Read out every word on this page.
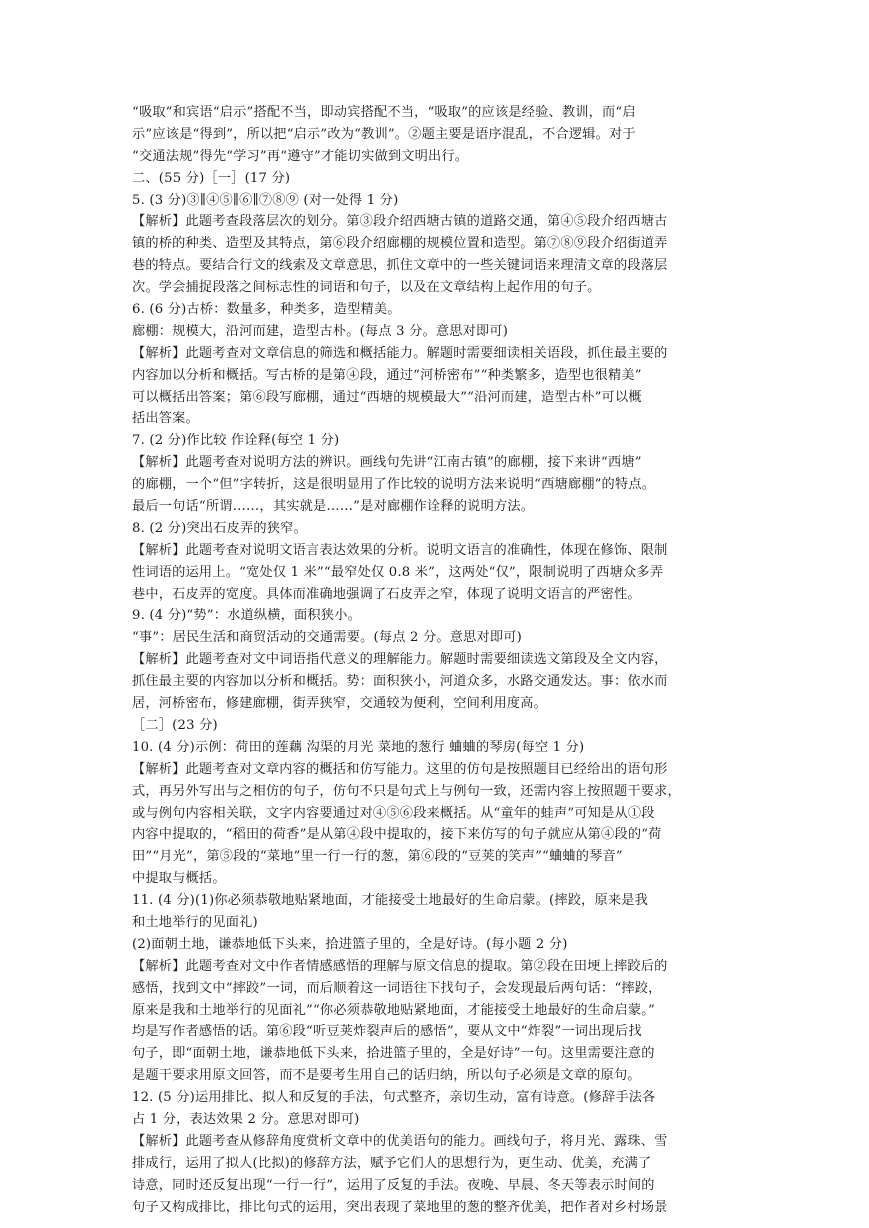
“吸取”和宾语“启示”搭配不当，即动宾搭配不当，“吸取”的应该是经验、教训，而“启
示”应该是“得到”，所以把“启示”改为“教训”。②题主要是语序混乱，不合逻辑。对于
“交通法规”得先“学习”再“遵守”才能切实做到文明出行。
二、(55 分)［一］(17 分)
5. (3 分)③∥④⑤∥⑥∥⑦⑧⑨ (对一处得 1 分)
【解析】此题考查段落层次的划分。第③段介绍西塘古镇的道路交通，第④⑤段介绍西塘古
镇的桥的种类、造型及其特点，第⑥段介绍廊棚的规模位置和造型。第⑦⑧⑨段介绍街道弄
巷的特点。要结合行文的线索及文章意思，抓住文章中的一些关键词语来理清文章的段落层
次。学会捕捉段落之间标志性的词语和句子，以及在文章结构上起作用的句子。
6. (6 分)古桥：数量多，种类多，造型精美。
廊棚：规模大，沿河而建，造型古朴。(每点 3 分。意思对即可)
【解析】此题考查对文章信息的筛选和概括能力。解题时需要细读相关语段，抓住最主要的
内容加以分析和概括。写古桥的是第④段，通过“河桥密布”“种类繁多，造型也很精美”
可以概括出答案；第⑥段写廊棚，通过“西塘的规模最大”“沿河而建，造型古朴”可以概
括出答案。
7. (2 分)作比较 作诠释(每空 1 分)
【解析】此题考查对说明方法的辨识。画线句先讲“江南古镇”的廊棚，接下来讲“西塘”
的廊棚，一个“但”字转折，这是很明显用了作比较的说明方法来说明“西塘廊棚”的特点。
最后一句话“所谓……，其实就是……”是对廊棚作诠释的说明方法。
8. (2 分)突出石皮弄的狭窄。
【解析】此题考查对说明文语言表达效果的分析。说明文语言的准确性，体现在修饰、限制
性词语的运用上。“宽处仅 1 米”“最窄处仅 0.8 米”，这两处“仅”，限制说明了西塘众多弄
巷中，石皮弄的宽度。具体而准确地强调了石皮弄之窄，体现了说明文语言的严密性。
9. (4 分)“势”：水道纵横，面积狭小。
“事”：居民生活和商贸活动的交通需要。(每点 2 分。意思对即可)
【解析】此题考查对文中词语指代意义的理解能力。解题时需要细读选文第段及全文内容，
抓住最主要的内容加以分析和概括。势：面积狭小，河道众多，水路交通发达。事：依水而
居，河桥密布，修建廊棚，街弄狭窄，交通较为便利，空间利用度高。
［二］(23 分)
10. (4 分)示例：荷田的莲藕 沟渠的月光 菜地的葱行 蛐蛐的琴房(每空 1 分)
【解析】此题考查对文章内容的概括和仿写能力。这里的仿句是按照题目已经给出的语句形
式，再另外写出与之相仿的句子，仿句不只是句式上与例句一致，还需内容上按照题干要求，
或与例句内容相关联，文字内容要通过对④⑤⑥段来概括。从“童年的蛙声”可知是从①段
内容中提取的，“稻田的荷香”是从第④段中提取的，接下来仿写的句子就应从第④段的“荷
田”“月光”，第⑤段的“菜地”里一行一行的葱，第⑥段的“豆荚的笑声”“蛐蛐的琴音”
中提取与概括。
11. (4 分)(1)你必须恭敬地贴紧地面，才能接受土地最好的生命启蒙。(摔跤，原来是我
和土地举行的见面礼)
(2)面朝土地，谦恭地低下头来，拾进篮子里的，全是好诗。(每小题 2 分)
【解析】此题考查对文中作者情感感悟的理解与原文信息的提取。第②段在田埂上摔跤后的
感悟，找到文中“摔跤”一词，而后顺着这一词语往下找句子，会发现最后两句话：“摔跤，
原来是我和土地举行的见面礼”“你必须恭敬地贴紧地面，才能接受土地最好的生命启蒙。”
均是写作者感悟的话。第⑥段“听豆荚炸裂声后的感悟”，要从文中“炸裂”一词出现后找
句子，即“面朝土地，谦恭地低下头来，拾进篮子里的，全是好诗”一句。这里需要注意的
是题干要求用原文回答，而不是要考生用自己的话归纳，所以句子必须是文章的原句。
12. (5 分)运用排比、拟人和反复的手法，句式整齐，亲切生动，富有诗意。(修辞手法各
占 1 分，表达效果 2 分。意思对即可)
【解析】此题考查从修辞角度赏析文章中的优美语句的能力。画线句子，将月光、露珠、雪
排成行，运用了拟人(比拟)的修辞方法，赋予它们人的思想行为，更生动、优美，充满了
诗意，同时还反复出现“一行一行”，运用了反复的手法。夜晚、早晨、冬天等表示时间的
句子又构成排比，排比句式的运用，突出表现了菜地里的葱的整齐优美，把作者对乡村场景
